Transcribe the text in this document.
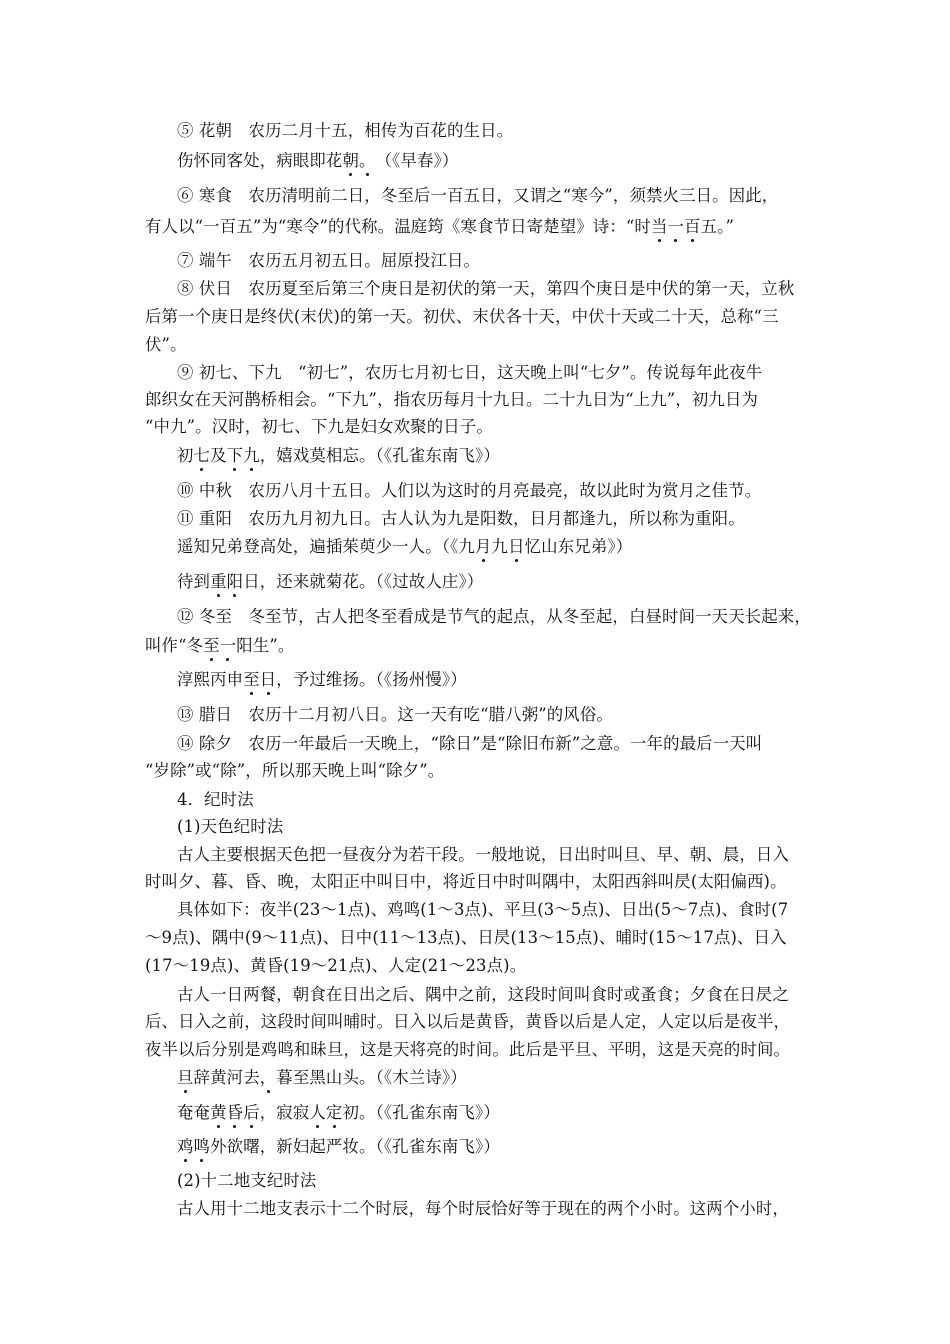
⑤ 花朝　农历二月十五，相传为百花的生日。
伤怀同客处，病眼即花朝。（《早春》）
⑥ 寒食　农历清明前二日，冬至后一百五日，又谓之“寒今”，须禁火三日。因此，
有人以“一百五”为“寒令”的代称。温庭筠《寒食节日寄楚望》诗：“时当一百五。”
⑦ 端午　农历五月初五日。屈原投江日。
⑧ 伏日　农历夏至后第三个庚日是初伏的第一天，第四个庚日是中伏的第一天，立秋
后第一个庚日是终伏(末伏)的第一天。初伏、末伏各十天，中伏十天或二十天，总称“三
伏”。
⑨ 初七、下九　“初七”，农历七月初七日，这天晚上叫“七夕”。传说每年此夜牛
郎织女在天河鹊桥相会。“下九”，指农历每月十九日。二十九日为“上九”，初九日为
“中九”。汉时，初七、下九是妇女欢聚的日子。
初七及下九，嬉戏莫相忘。（《孔雀东南飞》）
⑩ 中秋　农历八月十五日。人们以为这时的月亮最亮，故以此时为赏月之佳节。
⑪ 重阳　农历九月初九日。古人认为九是阳数，日月都逢九，所以称为重阳。
遥知兄弟登高处，遍插茱萸少一人。（《九月九日忆山东兄弟》）
待到重阳日，还来就菊花。（《过故人庄》）
⑫ 冬至　冬至节，古人把冬至看成是节气的起点，从冬至起，白昼时间一天天长起来，
叫作“冬至一阳生”。
淳熙丙申至日，予过维扬。（《扬州慢》）
⑬ 腊日　农历十二月初八日。这一天有吃“腊八粥”的风俗。
⑭ 除夕　农历一年最后一天晚上，“除日”是“除旧布新”之意。一年的最后一天叫
“岁除”或“除”，所以那天晚上叫“除夕”。
4．纪时法
(1)天色纪时法
古人主要根据天色把一昼夜分为若干段。一般地说，日出时叫旦、早、朝、晨，日入
时叫夕、暮、昏、晚，太阳正中叫日中，将近日中时叫隅中，太阳西斜叫昃(太阳偏西)。
具体如下：夜半(23～1点)、鸡鸣(1～3点)、平旦(3～5点)、日出(5～7点)、食时(7
～9点)、隅中(9～11点)、日中(11～13点)、日昃(13～15点)、晡时(15～17点)、日入
(17～19点)、黄昏(19～21点)、人定(21～23点)。
古人一日两餐，朝食在日出之后、隅中之前，这段时间叫食时或蚤食；夕食在日昃之
后、日入之前，这段时间叫晡时。日入以后是黄昏，黄昏以后是人定，人定以后是夜半，
夜半以后分别是鸡鸣和昧旦，这是天将亮的时间。此后是平旦、平明，这是天亮的时间。
旦辞黄河去，暮至黑山头。（《木兰诗》）
奄奄黄昏后，寂寂人定初。（《孔雀东南飞》）
鸡鸣外欲曙，新妇起严妆。（《孔雀东南飞》）
(2)十二地支纪时法
古人用十二地支表示十二个时辰，每个时辰恰好等于现在的两个小时。这两个小时，
